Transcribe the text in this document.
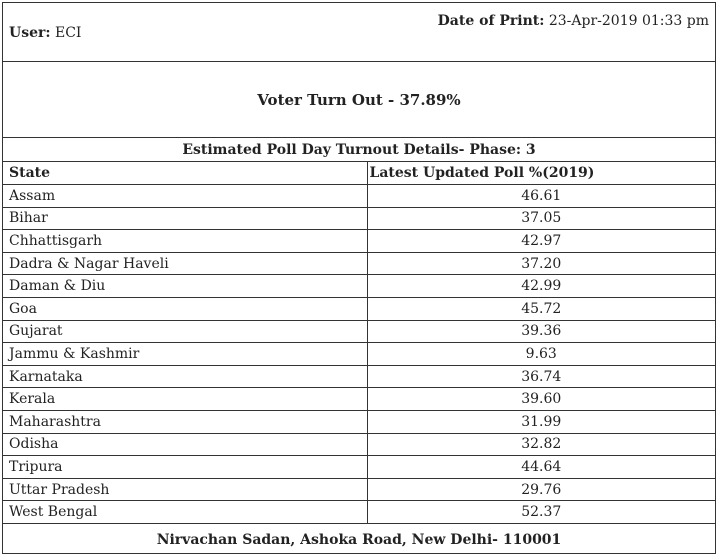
User: ECI
Date of Print: 23-Apr-2019 01:33 pm
Voter Turn Out - 37.89%
Estimated Poll Day Turnout Details- Phase: 3
State	Latest Updated Poll %(2019)
Assam	46.61
Bihar	37.05
Chhattisgarh	42.97
Dadra & Nagar Haveli	37.20
Daman & Diu	42.99
Goa	45.72
Gujarat	39.36
Jammu & Kashmir	9.63
Karnataka	36.74
Kerala	39.60
Maharashtra	31.99
Odisha	32.82
Tripura	44.64
Uttar Pradesh	29.76
West Bengal	52.37
Nirvachan Sadan, Ashoka Road, New Delhi- 110001
